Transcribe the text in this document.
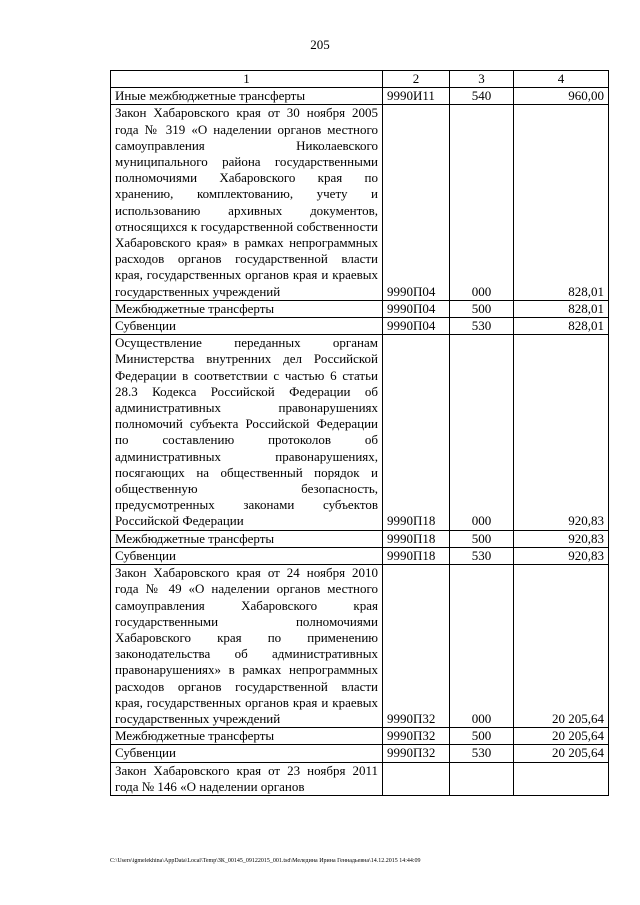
205
1	2	3	4
Иные межбюджетные трансферты	9990И11	540	960,00
Закон Хабаровского края от 30 ноября 2005 года № 319 «О наделении органов местного самоуправления Николаевского муниципального района государственными полномочиями Хабаровского края по хранению, комплектованию, учету и использованию архивных документов, относящихся к государственной собственности Хабаровского края» в рамках непрограммных расходов органов государственной власти края, государственных органов края и краевых государственных учреждений	9990П04	000	828,01
Межбюджетные трансферты	9990П04	500	828,01
Субвенции	9990П04	530	828,01
Осуществление переданных органам Министерства внутренних дел Российской Федерации в соответствии с частью 6 статьи 28.3 Кодекса Российской Федерации об административных правонарушениях полномочий субъекта Российской Федерации по составлению протоколов об административных правонарушениях, посягающих на общественный порядок и общественную безопасность, предусмотренных законами субъектов Российской Федерации	9990П18	000	920,83
Межбюджетные трансферты	9990П18	500	920,83
Субвенции	9990П18	530	920,83
Закон Хабаровского края от 24 ноября 2010 года № 49 «О наделении органов местного самоуправления Хабаровского края государственными полномочиями Хабаровского края по применению законодательства об административных правонарушениях» в рамках непрограммных расходов органов государственной власти края, государственных органов края и краевых государственных учреждений	9990П32	000	20 205,64
Межбюджетные трансферты	9990П32	500	20 205,64
Субвенции	9990П32	530	20 205,64
Закон Хабаровского края от 23 ноября 2011 года № 146 «О наделении органов			
C:\Users\igmelekhina\AppData\Local\Temp\ЗК_00145_09122015_001.tsd\Меледина Ирина Геннадьевна\14.12.2015 14:44:09
